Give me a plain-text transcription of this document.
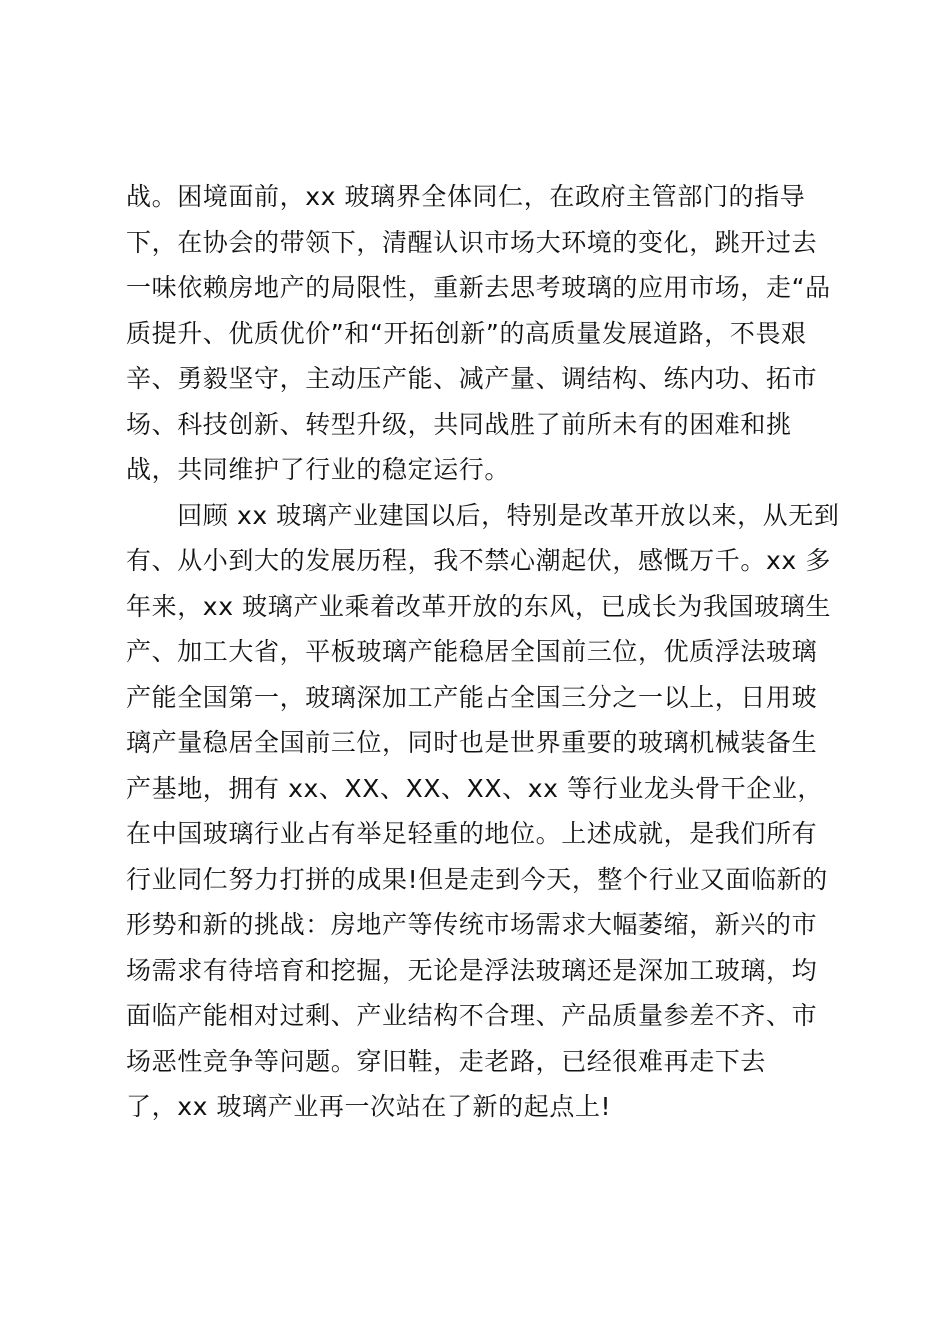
战。困境面前，xx 玻璃界全体同仁，在政府主管部门的指导
下，在协会的带领下，清醒认识市场大环境的变化，跳开过去
一味依赖房地产的局限性，重新去思考玻璃的应用市场，走“品
质提升、优质优价”和“开拓创新”的高质量发展道路，不畏艰
辛、勇毅坚守，主动压产能、减产量、调结构、练内功、拓市
场、科技创新、转型升级，共同战胜了前所未有的困难和挑
战，共同维护了行业的稳定运行。
　　回顾 xx 玻璃产业建国以后，特别是改革开放以来，从无到
有、从小到大的发展历程，我不禁心潮起伏，感慨万千。xx 多
年来，xx 玻璃产业乘着改革开放的东风，已成长为我国玻璃生
产、加工大省，平板玻璃产能稳居全国前三位，优质浮法玻璃
产能全国第一，玻璃深加工产能占全国三分之一以上，日用玻
璃产量稳居全国前三位，同时也是世界重要的玻璃机械装备生
产基地，拥有 xx、XX、XX、XX、xx 等行业龙头骨干企业，
在中国玻璃行业占有举足轻重的地位。上述成就，是我们所有
行业同仁努力打拼的成果!但是走到今天，整个行业又面临新的
形势和新的挑战：房地产等传统市场需求大幅萎缩，新兴的市
场需求有待培育和挖掘，无论是浮法玻璃还是深加工玻璃，均
面临产能相对过剩、产业结构不合理、产品质量参差不齐、市
场恶性竞争等问题。穿旧鞋，走老路，已经很难再走下去
了，xx 玻璃产业再一次站在了新的起点上!
